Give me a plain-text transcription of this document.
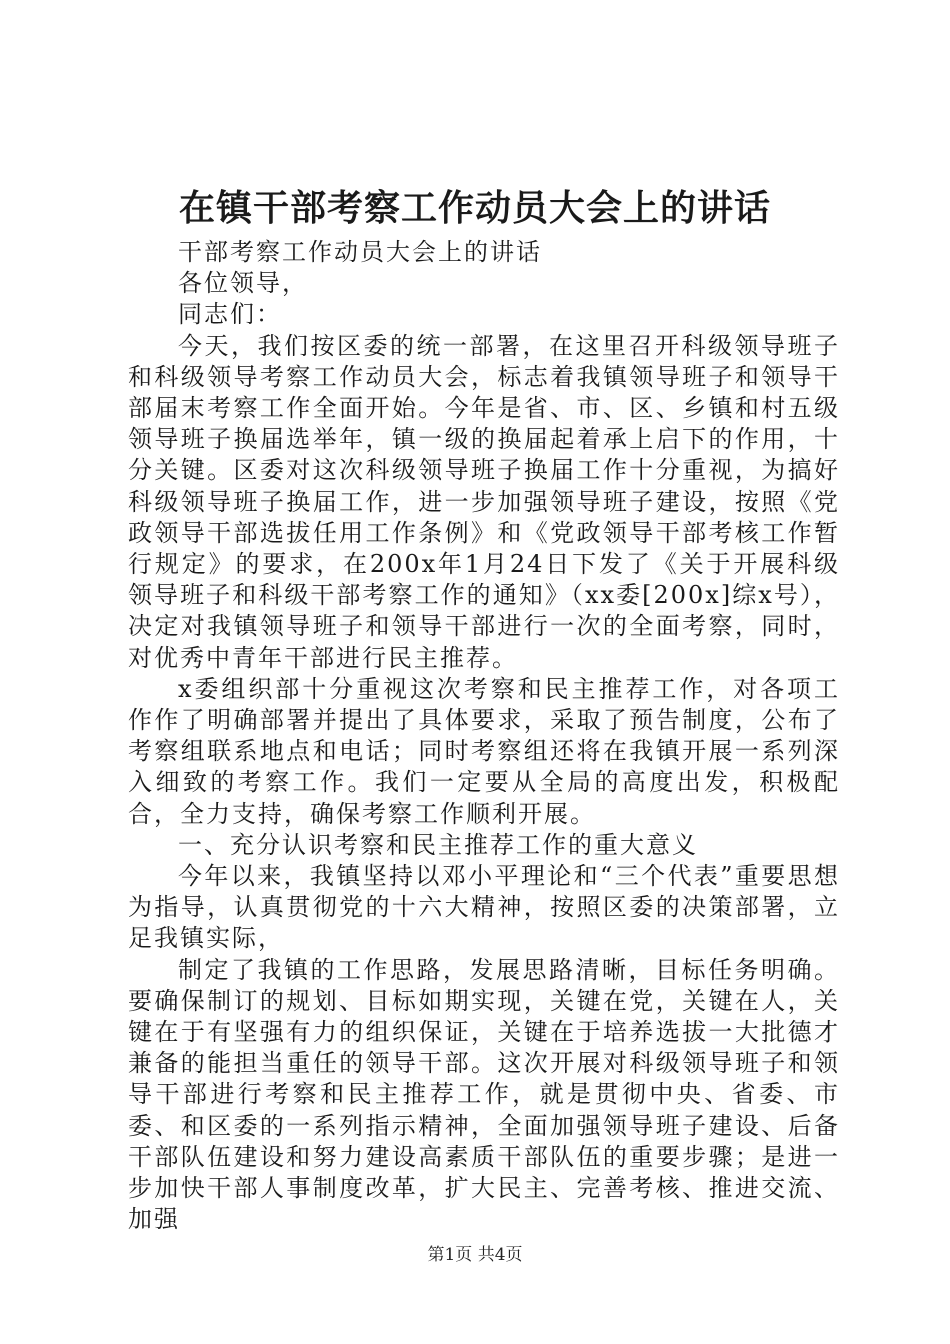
在镇干部考察工作动员大会上的讲话

干部考察工作动员大会上的讲话

各位领导，

同志们：

今天，我们按区委的统一部署，在这里召开科级领导班子和科级领导考察工作动员大会，标志着我镇领导班子和领导干部届末考察工作全面开始。今年是省、市、区、乡镇和村五级领导班子换届选举年，镇一级的换届起着承上启下的作用，十分关键。区委对这次科级领导班子换届工作十分重视，为搞好科级领导班子换届工作，进一步加强领导班子建设，按照《党政领导干部选拔任用工作条例》和《党政领导干部考核工作暂行规定》的要求，在200x年1月24日下发了《关于开展科级领导班子和科级干部考察工作的通知》（xx委[200x]综x号），决定对我镇领导班子和领导干部进行一次的全面考察，同时，对优秀中青年干部进行民主推荐。

x委组织部十分重视这次考察和民主推荐工作，对各项工作作了明确部署并提出了具体要求，采取了预告制度，公布了考察组联系地点和电话；同时考察组还将在我镇开展一系列深入细致的考察工作。我们一定要从全局的高度出发，积极配合，全力支持，确保考察工作顺利开展。

一、充分认识考察和民主推荐工作的重大意义

今年以来，我镇坚持以邓小平理论和“三个代表”重要思想为指导，认真贯彻党的十六大精神，按照区委的决策部署，立足我镇实际，

制定了我镇的工作思路，发展思路清晰，目标任务明确。要确保制订的规划、目标如期实现，关键在党，关键在人，关键在于有坚强有力的组织保证，关键在于培养选拔一大批德才兼备的能担当重任的领导干部。这次开展对科级领导班子和领导干部进行考察和民主推荐工作，就是贯彻中央、省委、市委、和区委的一系列指示精神，全面加强领导班子建设、后备干部队伍建设和努力建设高素质干部队伍的重要步骤；是进一步加快干部人事制度改革，扩大民主、完善考核、推进交流、加强

第1页 共4页
